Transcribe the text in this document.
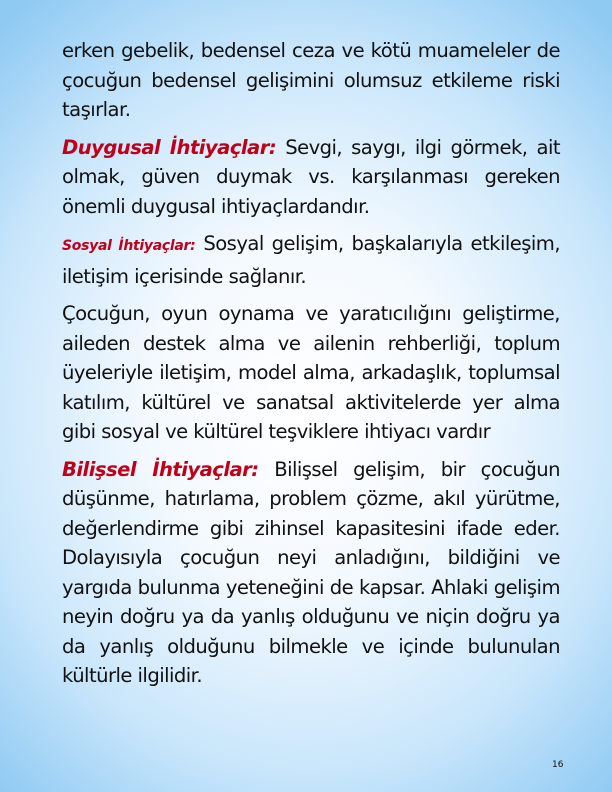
erken gebelik, bedensel ceza ve kötü muameleler de çocuğun bedensel gelişimini olumsuz etkileme riski taşırlar.

Duygusal İhtiyaçlar: Sevgi, saygı, ilgi görmek, ait olmak, güven duymak vs. karşılanması gereken önemli duygusal ihtiyaçlardandır.

Sosyal İhtiyaçlar: Sosyal gelişim, başkalarıyla etkileşim, iletişim içerisinde sağlanır.

Çocuğun, oyun oynama ve yaratıcılığını geliştirme, aileden destek alma ve ailenin rehberliği, toplum üyeleriyle iletişim, model alma, arkadaşlık, toplumsal katılım, kültürel ve sanatsal aktivitelerde yer alma gibi sosyal ve kültürel teşviklere ihtiyacı vardır

Bilişsel İhtiyaçlar: Bilişsel gelişim, bir çocuğun düşünme, hatırlama, problem çözme, akıl yürütme, değerlendirme gibi zihinsel kapasitesini ifade eder. Dolayısıyla çocuğun neyi anladığını, bildiğini ve yargıda bulunma yeteneğini de kapsar. Ahlaki gelişim neyin doğru ya da yanlış olduğunu ve niçin doğru ya da yanlış olduğunu bilmekle ve içinde bulunulan kültürle ilgilidir.

16
